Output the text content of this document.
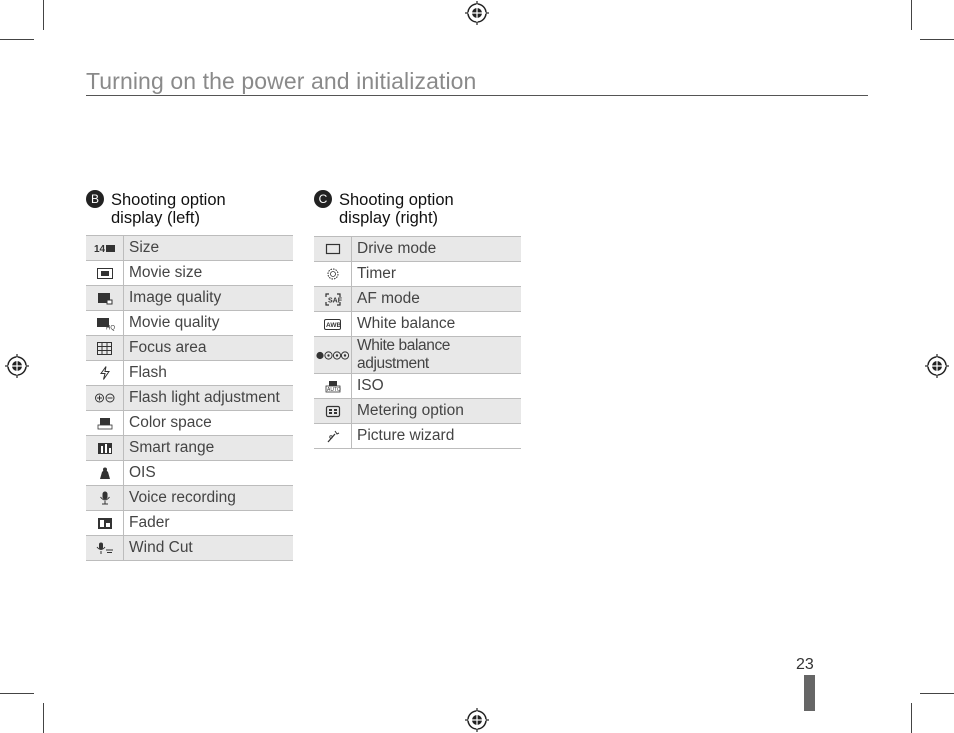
Turning on the power and initialization
B Shooting option
display (left)
14	Size

	Movie size

	Image quality

HQ	Movie quality

	Focus area

	Flash

	Flash light adjustment

	Color space

	Smart range

	OIS

	Voice recording

	Fader

	Wind Cut
C Shooting option
display (right)
	Drive mode

	Timer

SAF	AF mode

AWB	White balance

	White balance adjustment

AUTO	ISO

	Metering option

	Picture wizard
23
